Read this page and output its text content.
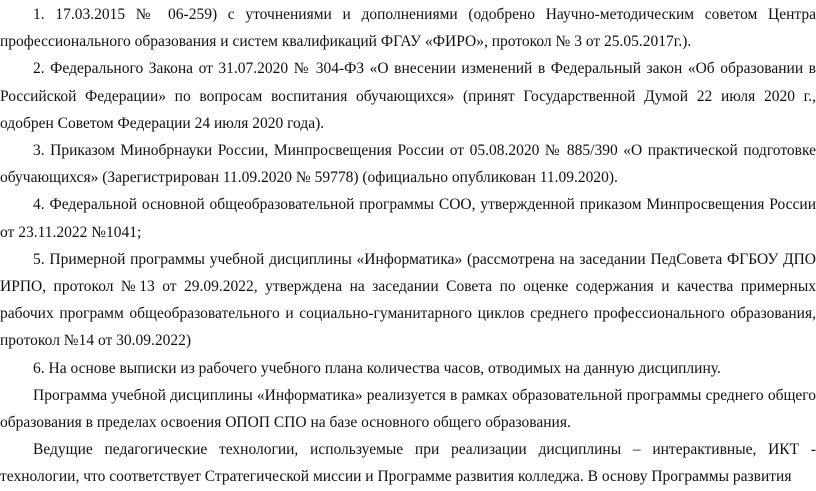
1. 17.03.2015 № 06-259) с уточнениями и дополнениями (одобрено Научно-методическим советом Центра профессионального образования и систем квалификаций ФГАУ «ФИРО», протокол № 3 от 25.05.2017г.).

2. Федерального Закона от 31.07.2020 № 304-ФЗ «О внесении изменений в Федеральный закон «Об образовании в Российской Федерации» по вопросам воспитания обучающихся» (принят Государственной Думой 22 июля 2020 г., одобрен Советом Федерации 24 июля 2020 года).

3. Приказом Минобрнауки России, Минпросвещения России от 05.08.2020 № 885/390 «О практической подготовке обучающихся» (Зарегистрирован 11.09.2020 № 59778) (официально опубликован 11.09.2020).

4. Федеральной основной общеобразовательной программы СОО, утвержденной приказом Минпросвещения России от 23.11.2022 №1041;

5. Примерной программы учебной дисциплины «Информатика» (рассмотрена на заседании ПедСовета ФГБОУ ДПО ИРПО, протокол №13 от 29.09.2022, утверждена на заседании Совета по оценке содержания и качества примерных рабочих программ общеобразовательного и социально-гуманитарного циклов среднего профессионального образования, протокол №14 от 30.09.2022)

6. На основе выписки из рабочего учебного плана количества часов, отводимых на данную дисциплину.

Программа учебной дисциплины «Информатика» реализуется в рамках образовательной программы среднего общего образования в пределах освоения ОПОП СПО на базе основного общего образования.

Ведущие педагогические технологии, используемые при реализации дисциплины – интерактивные, ИКТ - технологии, что соответствует Стратегической миссии и Программе развития колледжа. В основу Программы развития
